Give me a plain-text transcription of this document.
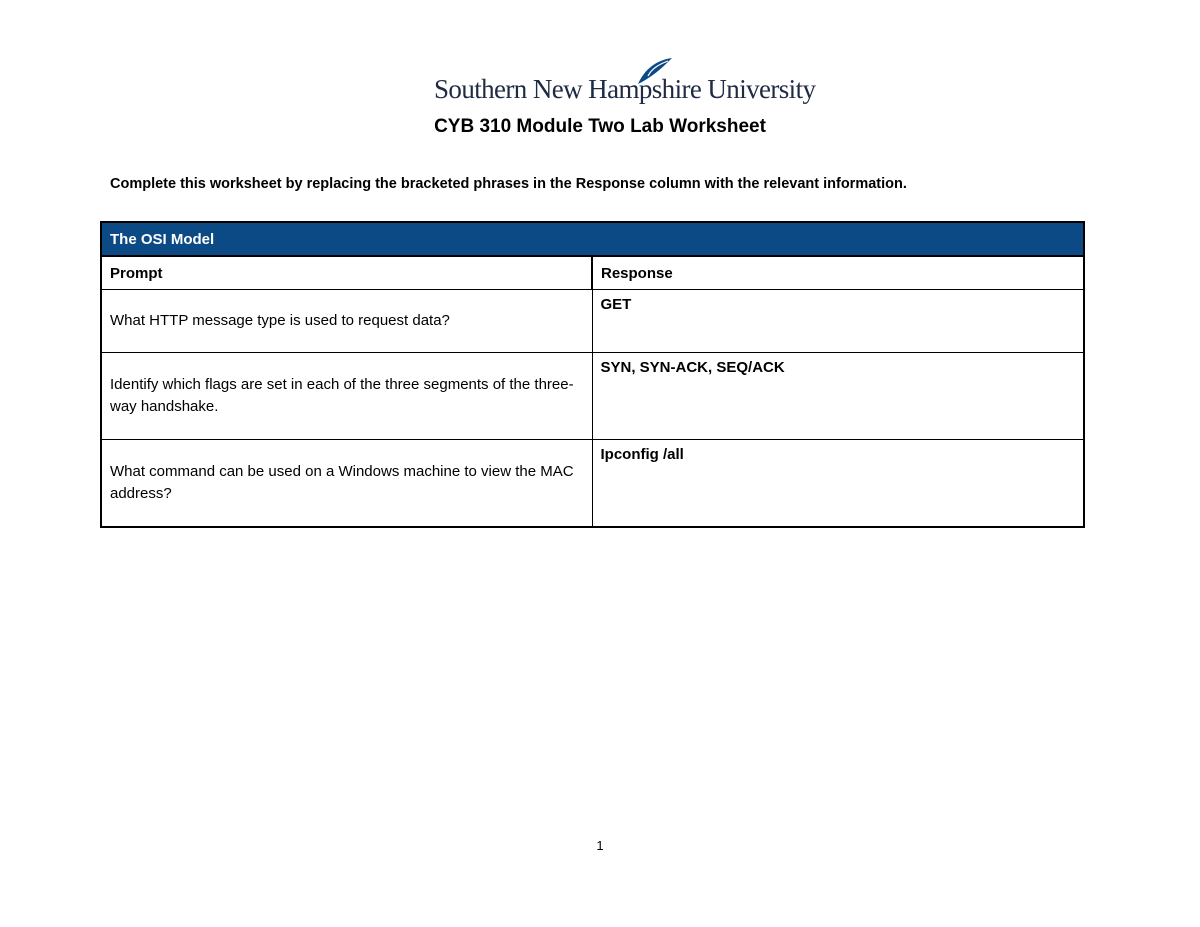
Southern New Hampshire University
CYB 310 Module Two Lab Worksheet
Complete this worksheet by replacing the bracketed phrases in the Response column with the relevant information.
The OSI Model	
Prompt	Response
What HTTP message type is used to request data?	GET
Identify which flags are set in each of the three segments of the three-way handshake.	SYN, SYN-ACK, SEQ/ACK
What command can be used on a Windows machine to view the MAC address?	Ipconfig /all
1
